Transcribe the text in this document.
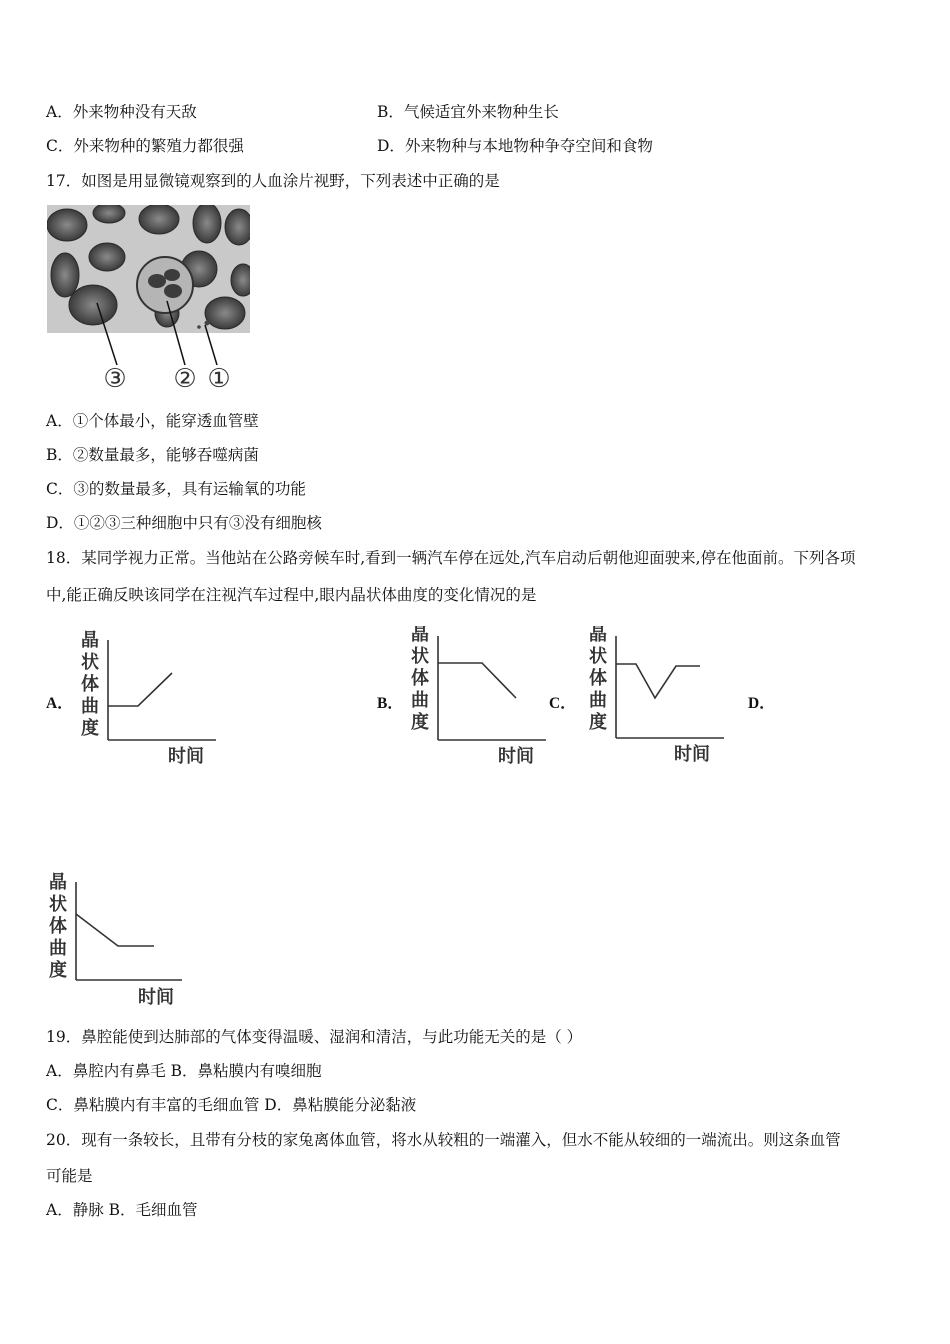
A．外来物种没有天敌	B．气候适宜外来物种生长
C．外来物种的繁殖力都很强	D．外来物种与本地物种争夺空间和食物
17．如图是用显微镜观察到的人血涂片视野，下列表述中正确的是
③ ② ①
A．①个体最小，能穿透血管壁
B．②数量最多，能够吞噬病菌
C．③的数量最多，具有运输氧的功能
D．①②③三种细胞中只有③没有细胞核
18．某同学视力正常。当他站在公路旁候车时,看到一辆汽车停在远处,汽车启动后朝他迎面驶来,停在他面前。下列各项
中,能正确反映该同学在注视汽车过程中,眼内晶状体曲度的变化情况的是
A．	B．	C．	D．
晶
状
体
曲
度
时间
晶
状
体
曲
度
时间
晶
状
体
曲
度
时间
晶
状
体
曲
度
时间
19．鼻腔能使到达肺部的气体变得温暖、湿润和清洁，与此功能无关的是（ ）
A．鼻腔内有鼻毛 B．鼻粘膜内有嗅细胞
C．鼻粘膜内有丰富的毛细血管 D．鼻粘膜能分泌黏液
20．现有一条较长，且带有分枝的家兔离体血管，将水从较粗的一端灌入，但水不能从较细的一端流出。则这条血管
可能是
A．静脉 B．毛细血管
